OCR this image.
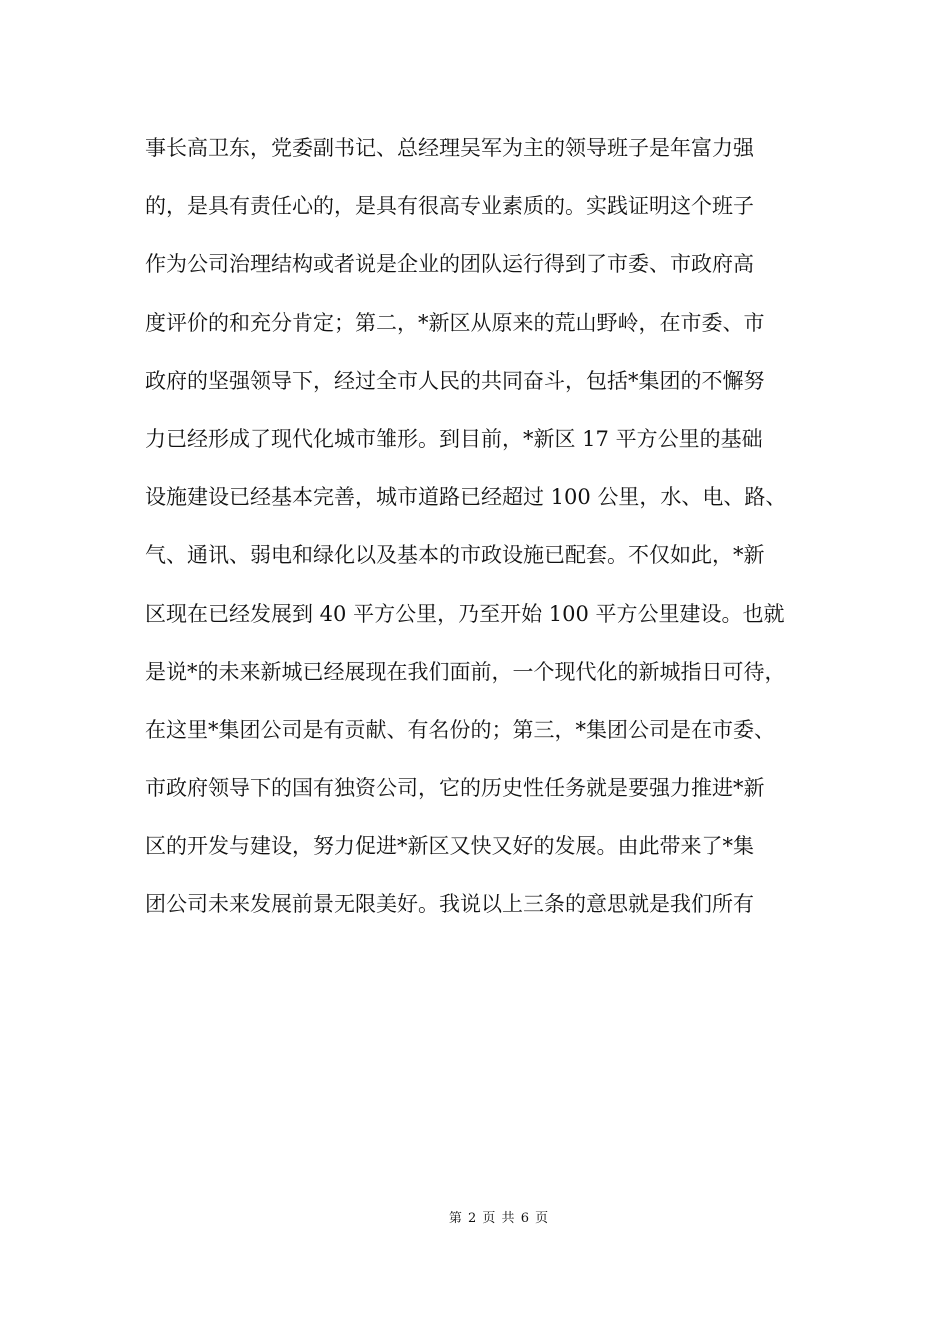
事长高卫东，党委副书记、总经理吴军为主的领导班子是年富力强
的，是具有责任心的，是具有很高专业素质的。实践证明这个班子
作为公司治理结构或者说是企业的团队运行得到了市委、市政府高
度评价的和充分肯定；第二，*新区从原来的荒山野岭，在市委、市
政府的坚强领导下，经过全市人民的共同奋斗，包括*集团的不懈努
力已经形成了现代化城市雏形。到目前，*新区 17 平方公里的基础
设施建设已经基本完善，城市道路已经超过 100 公里，水、电、路、
气、通讯、弱电和绿化以及基本的市政设施已配套。不仅如此，*新
区现在已经发展到 40 平方公里，乃至开始 100 平方公里建设。也就
是说*的未来新城已经展现在我们面前，一个现代化的新城指日可待，
在这里*集团公司是有贡献、有名份的；第三，*集团公司是在市委、
市政府领导下的国有独资公司，它的历史性任务就是要强力推进*新
区的开发与建设，努力促进*新区又快又好的发展。由此带来了*集
团公司未来发展前景无限美好。我说以上三条的意思就是我们所有
第 2 页 共 6 页
